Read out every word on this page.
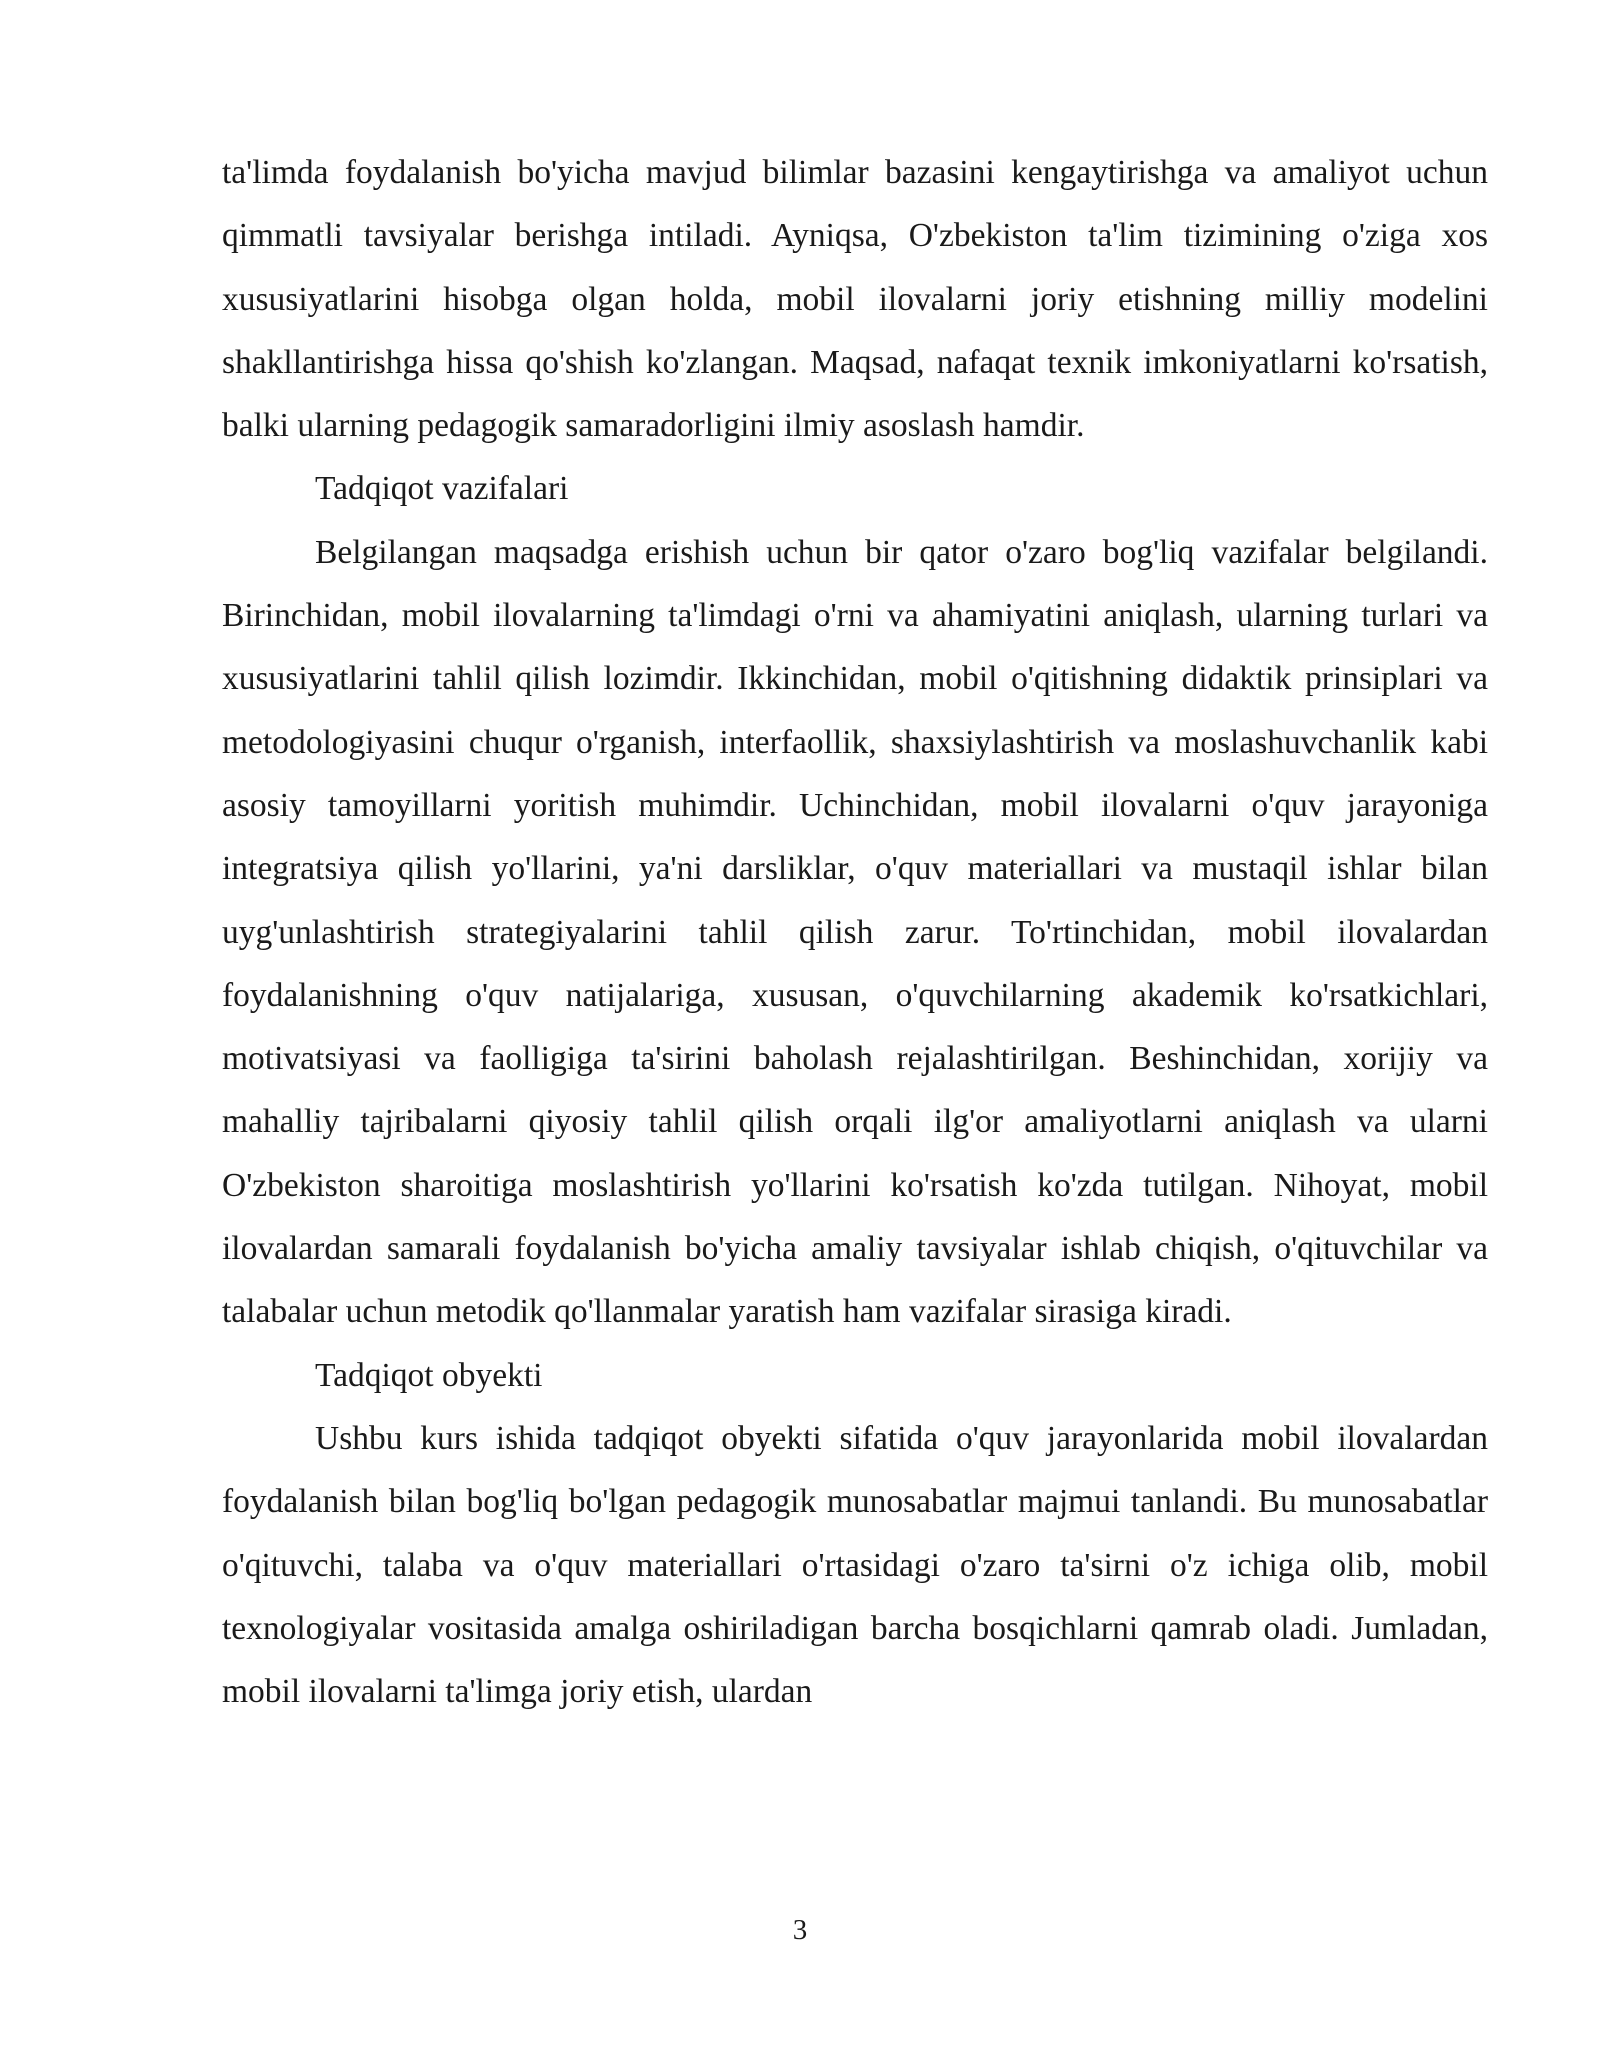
ta'limda foydalanish bo'yicha mavjud bilimlar bazasini kengaytirishga va amaliyot uchun qimmatli tavsiyalar berishga intiladi. Ayniqsa, O'zbekiston ta'lim tizimining o'ziga xos xususiyatlarini hisobga olgan holda, mobil ilovalarni joriy etishning milliy modelini shakllantirishga hissa qo'shish ko'zlangan. Maqsad, nafaqat texnik imkoniyatlarni ko'rsatish, balki ularning pedagogik samaradorligini ilmiy asoslash hamdir.

Tadqiqot vazifalari

Belgilangan maqsadga erishish uchun bir qator o'zaro bog'liq vazifalar belgilandi. Birinchidan, mobil ilovalarning ta'limdagi o'rni va ahamiyatini aniqlash, ularning turlari va xususiyatlarini tahlil qilish lozimdir. Ikkinchidan, mobil o'qitishning didaktik prinsiplari va metodologiyasini chuqur o'rganish, interfaollik, shaxsiylashtirish va moslashuvchanlik kabi asosiy tamoyillarni yoritish muhimdir. Uchinchidan, mobil ilovalarni o'quv jarayoniga integratsiya qilish yo'llarini, ya'ni darsliklar, o'quv materiallari va mustaqil ishlar bilan uyg'unlashtirish strategiyalarini tahlil qilish zarur. To'rtinchidan, mobil ilovalardan foydalanishning o'quv natijalariga, xususan, o'quvchilarning akademik ko'rsatkichlari, motivatsiyasi va faolligiga ta'sirini baholash rejalashtirilgan. Beshinchidan, xorijiy va mahalliy tajribalarni qiyosiy tahlil qilish orqali ilg'or amaliyotlarni aniqlash va ularni O'zbekiston sharoitiga moslashtirish yo'llarini ko'rsatish ko'zda tutilgan. Nihoyat, mobil ilovalardan samarali foydalanish bo'yicha amaliy tavsiyalar ishlab chiqish, o'qituvchilar va talabalar uchun metodik qo'llanmalar yaratish ham vazifalar sirasiga kiradi.

Tadqiqot obyekti

Ushbu kurs ishida tadqiqot obyekti sifatida o'quv jarayonlarida mobil ilovalardan foydalanish bilan bog'liq bo'lgan pedagogik munosabatlar majmui tanlandi. Bu munosabatlar o'qituvchi, talaba va o'quv materiallari o'rtasidagi o'zaro ta'sirni o'z ichiga olib, mobil texnologiyalar vositasida amalga oshiriladigan barcha bosqichlarni qamrab oladi. Jumladan, mobil ilovalarni ta'limga joriy etish, ulardan

3
